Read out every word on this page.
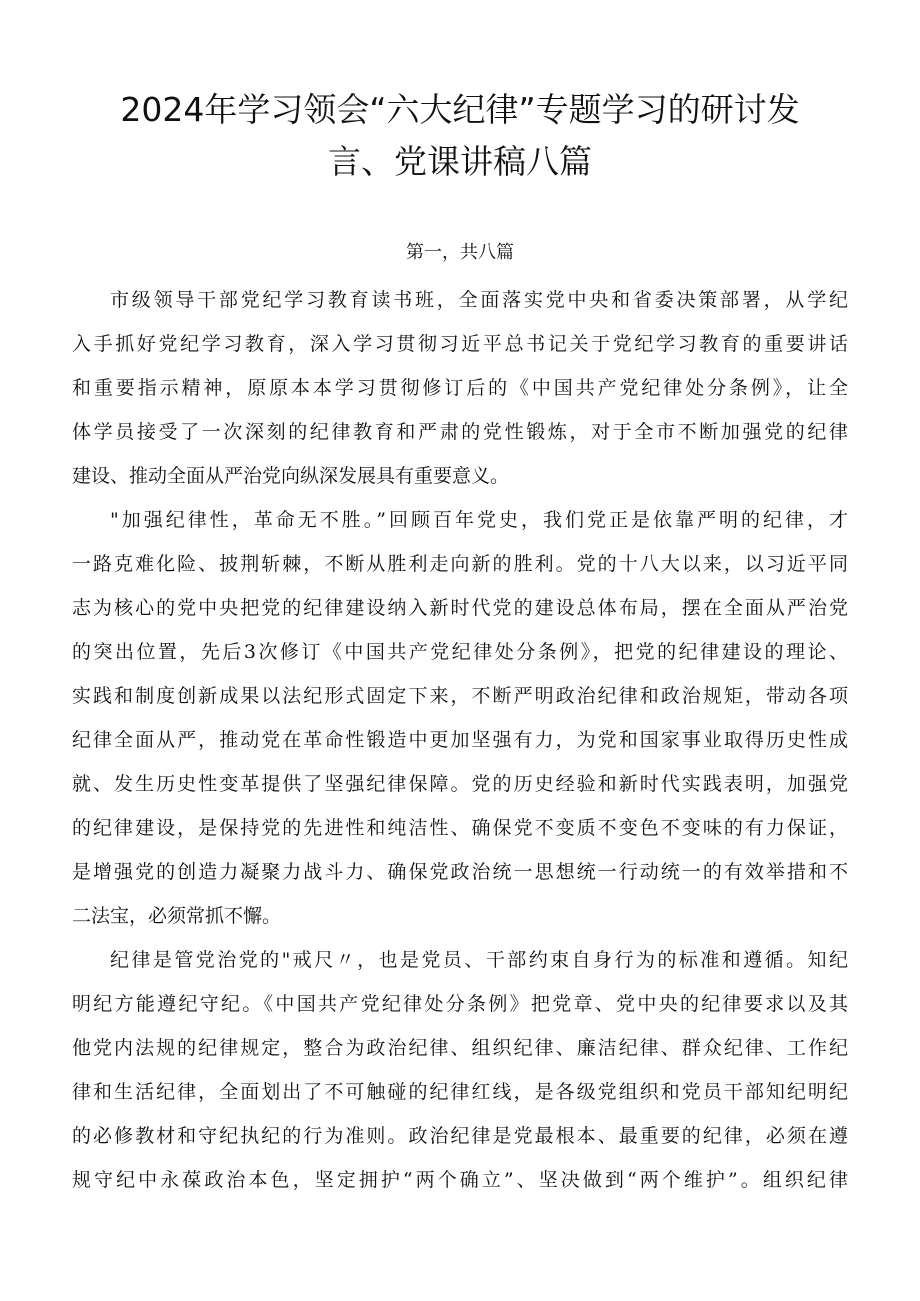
2024年学习领会“六大纪律”专题学习的研讨发
言、党课讲稿八篇
第一，共八篇

市级领导干部党纪学习教育读书班，全面落实党中央和省委决策部署，从学纪
入手抓好党纪学习教育，深入学习贯彻习近平总书记关于党纪学习教育的重要讲话
和重要指示精神，原原本本学习贯彻修订后的《中国共产党纪律处分条例》，让全
体学员接受了一次深刻的纪律教育和严肃的党性锻炼，对于全市不断加强党的纪律
建设、推动全面从严治党向纵深发展具有重要意义。

"加强纪律性，革命无不胜。”回顾百年党史，我们党正是依靠严明的纪律，才
一路克难化险、披荆斩棘，不断从胜利走向新的胜利。党的十八大以来，以习近平同
志为核心的党中央把党的纪律建设纳入新时代党的建设总体布局，摆在全面从严治党
的突出位置，先后3次修订《中国共产党纪律处分条例》，把党的纪律建设的理论、
实践和制度创新成果以法纪形式固定下来，不断严明政治纪律和政治规矩，带动各项
纪律全面从严，推动党在革命性锻造中更加坚强有力，为党和国家事业取得历史性成
就、发生历史性变革提供了坚强纪律保障。党的历史经验和新时代实践表明，加强党
的纪律建设，是保持党的先进性和纯洁性、确保党不变质不变色不变味的有力保证，
是增强党的创造力凝聚力战斗力、确保党政治统一思想统一行动统一的有效举措和不
二法宝，必须常抓不懈。

纪律是管党治党的"戒尺〃，也是党员、干部约束自身行为的标准和遵循。知纪
明纪方能遵纪守纪。《中国共产党纪律处分条例》把党章、党中央的纪律要求以及其
他党内法规的纪律规定，整合为政治纪律、组织纪律、廉洁纪律、群众纪律、工作纪
律和生活纪律，全面划出了不可触碰的纪律红线，是各级党组织和党员干部知纪明纪
的必修教材和守纪执纪的行为准则。政治纪律是党最根本、最重要的纪律，必须在遵
规守纪中永葆政治本色，坚定拥护“两个确立”、坚决做到“两个维护”。组织纪律
